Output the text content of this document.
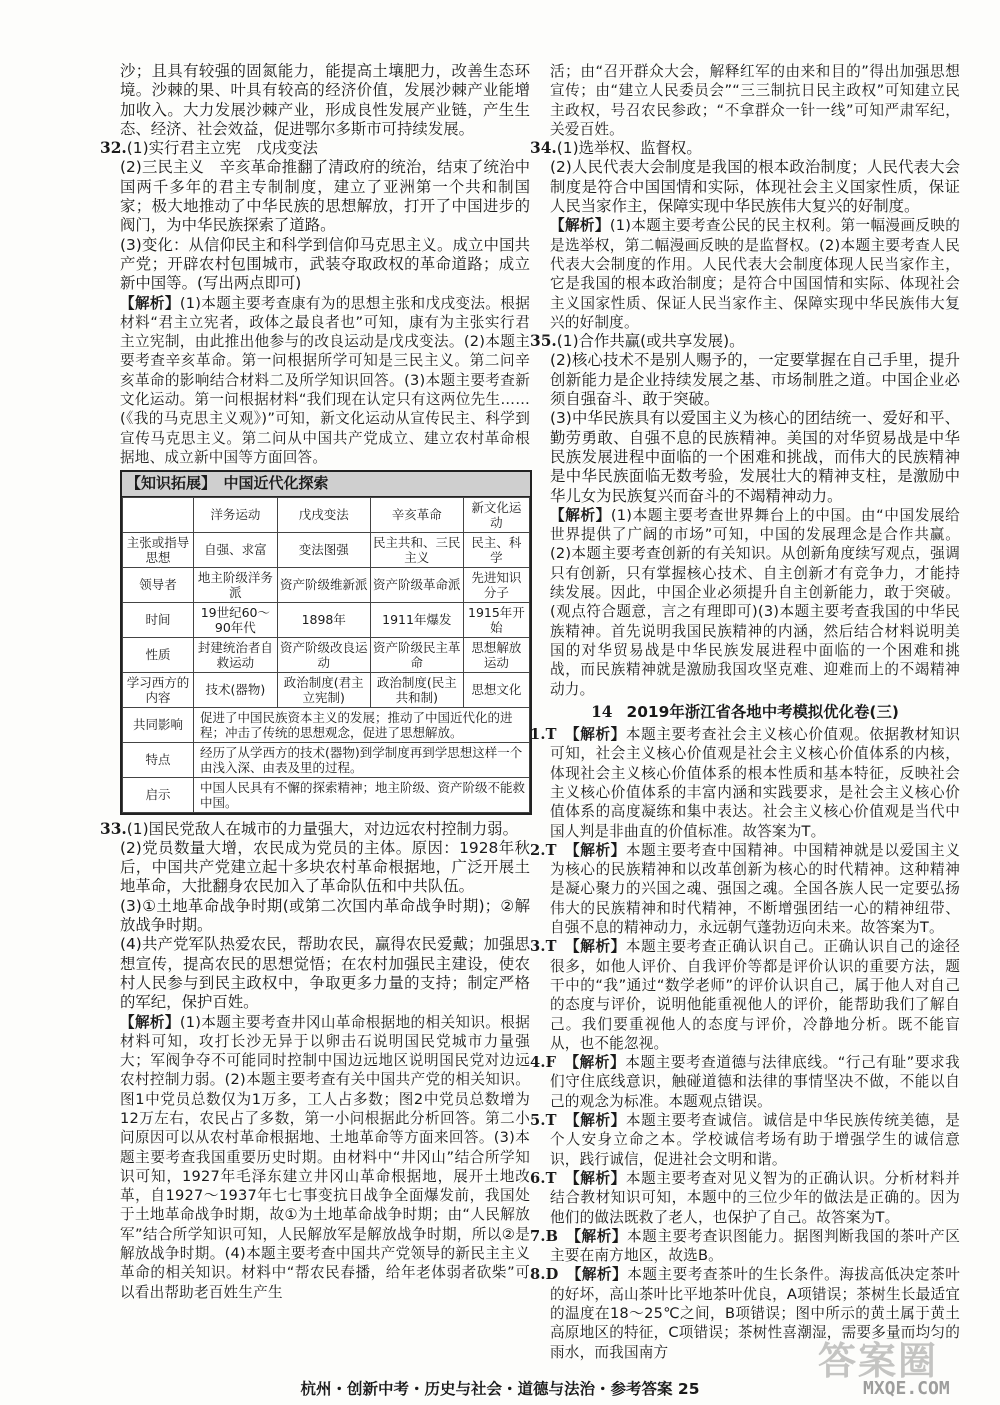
沙；且具有较强的固氮能力，能提高土壤肥力，改善生态环境。沙棘的果、叶具有较高的经济价值，发展沙棘产业能增加收入。大力发展沙棘产业，形成良性发展产业链，产生生态、经济、社会效益，促进鄂尔多斯市可持续发展。

32.(1)实行君主立宪　戊戌变法

(2)三民主义　辛亥革命推翻了清政府的统治，结束了统治中国两千多年的君主专制制度，建立了亚洲第一个共和制国家；极大地推动了中华民族的思想解放，打开了中国进步的阀门，为中华民族探索了道路。

(3)变化：从信仰民主和科学到信仰马克思主义。成立中国共产党；开辟农村包围城市，武装夺取政权的革命道路；成立新中国等。(写出两点即可)

【解析】(1)本题主要考查康有为的思想主张和戊戌变法。根据材料“君主立宪者，政体之最良者也”可知，康有为主张实行君主立宪制，由此推出他参与的改良运动是戊戌变法。(2)本题主要考查辛亥革命。第一问根据所学可知是三民主义。第二问辛亥革命的影响结合材料二及所学知识回答。(3)本题主要考查新文化运动。第一问根据材料“我们现在认定只有这两位先生……(《我的马克思主义观》)”可知，新文化运动从宣传民主、科学到宣传马克思主义。第二问从中国共产党成立、建立农村革命根据地、成立新中国等方面回答。

【知识拓展】　中国近代化探索
	洋务运动	戊戌变法	辛亥革命	新文化运动
主张或指导思想	自强、求富	变法图强	民主共和、三民主义	民主、科学
领导者	地主阶级洋务派	资产阶级维新派	资产阶级革命派	先进知识分子
时间	19世纪60～90年代	1898年	1911年爆发	1915年开始
性质	封建统治者自救运动	资产阶级改良运动	资产阶级民主革命	思想解放运动
学习西方的内容	技术(器物)	政治制度(君主立宪制)	政治制度(民主共和制)	思想文化
共同影响	促进了中国民族资本主义的发展；推动了中国近代化的进程；冲击了传统的思想观念，促进了思想解放。			
特点	经历了从学西方的技术(器物)到学制度再到学思想这样一个由浅入深、由表及里的过程。			
启示	中国人民具有不懈的探索精神；地主阶级、资产阶级不能救中国。			

33.(1)国民党敌人在城市的力量强大，对边远农村控制力弱。

(2)党员数量大增，农民成为党员的主体。原因：1928年秋后，中国共产党建立起十多块农村革命根据地，广泛开展土地革命，大批翻身农民加入了革命队伍和中共队伍。

(3)①土地革命战争时期(或第二次国内革命战争时期)；②解放战争时期。

(4)共产党军队热爱农民，帮助农民，赢得农民爱戴；加强思想宣传，提高农民的思想觉悟；在农村加强民主建设，使农村人民参与到民主政权中，争取更多力量的支持；制定严格的军纪，保护百姓。

【解析】(1)本题主要考查井冈山革命根据地的相关知识。根据材料可知，攻打长沙无异于以卵击石说明国民党城市力量强大；军阀争夺不可能同时控制中国边远地区说明国民党对边远农村控制力弱。(2)本题主要考查有关中国共产党的相关知识。图1中党员总数仅为1万多，工人占多数；图2中党员总数增为12万左右，农民占了多数，第一小问根据此分析回答。第二小问原因可以从农村革命根据地、土地革命等方面来回答。(3)本题主要考查我国重要历史时期。由材料中“井冈山”结合所学知识可知，1927年毛泽东建立井冈山革命根据地，展开土地改革，自1927～1937年七七事变抗日战争全面爆发前，我国处于土地革命战争时期，故①为土地革命战争时期；由“人民解放军”结合所学知识可知，人民解放军是解放战争时期，所以②是解放战争时期。(4)本题主要考查中国共产党领导的新民主主义革命的相关知识。材料中“帮农民春播，给年老体弱者砍柴”可以看出帮助老百姓生产生

活；由“召开群众大会，解释红军的由来和目的”得出加强思想宣传；由“建立人民委员会”“三三制抗日民主政权”可知建立民主政权，号召农民参政；“不拿群众一针一线”可知严肃军纪，关爱百姓。

34.(1)选举权、监督权。

(2)人民代表大会制度是我国的根本政治制度；人民代表大会制度是符合中国国情和实际，体现社会主义国家性质，保证人民当家作主，保障实现中华民族伟大复兴的好制度。

【解析】(1)本题主要考查公民的民主权利。第一幅漫画反映的是选举权，第二幅漫画反映的是监督权。(2)本题主要考查人民代表大会制度的作用。人民代表大会制度体现人民当家作主，它是我国的根本政治制度；是符合中国国情和实际、体现社会主义国家性质、保证人民当家作主、保障实现中华民族伟大复兴的好制度。

35.(1)合作共赢(或共享发展)。

(2)核心技术不是别人赐予的，一定要掌握在自己手里，提升创新能力是企业持续发展之基、市场制胜之道。中国企业必须自强奋斗、敢于突破。

(3)中华民族具有以爱国主义为核心的团结统一、爱好和平、勤劳勇敢、自强不息的民族精神。美国的对华贸易战是中华民族发展进程中面临的一个困难和挑战，而伟大的民族精神是中华民族面临无数考验，发展壮大的精神支柱，是激励中华儿女为民族复兴而奋斗的不竭精神动力。

【解析】(1)本题主要考查世界舞台上的中国。由“中国发展给世界提供了广阔的市场”可知，中国的发展理念是合作共赢。(2)本题主要考查创新的有关知识。从创新角度续写观点，强调只有创新，只有掌握核心技术、自主创新才有竞争力，才能持续发展。因此，中国企业必须提升自主创新能力，敢于突破。(观点符合题意，言之有理即可)(3)本题主要考查我国的中华民族精神。首先说明我国民族精神的内涵，然后结合材料说明美国的对华贸易战是中华民族发展进程中面临的一个困难和挑战，而民族精神就是激励我国攻坚克难、迎难而上的不竭精神动力。

14 2019年浙江省各地中考模拟优化卷(三)

1.T　 【解析】本题主要考查社会主义核心价值观。依据教材知识可知，社会主义核心价值观是社会主义核心价值体系的内核，体现社会主义核心价值体系的根本性质和基本特征，反映社会主义核心价值体系的丰富内涵和实践要求，是社会主义核心价值体系的高度凝练和集中表达。社会主义核心价值观是当代中国人判是非曲直的价值标准。故答案为T。

2.T　 【解析】本题主要考查中国精神。中国精神就是以爱国主义为核心的民族精神和以改革创新为核心的时代精神。这种精神是凝心聚力的兴国之魂、强国之魂。全国各族人民一定要弘扬伟大的民族精神和时代精神，不断增强团结一心的精神纽带、自强不息的精神动力，永远朝气蓬勃迈向未来。故答案为T。

3.T　 【解析】本题主要考查正确认识自己。正确认识自己的途径很多，如他人评价、自我评价等都是评价认识的重要方法，题干中的“我”通过“数学老师”的评价认识自己，属于他人对自己的态度与评价，说明他能重视他人的评价，能帮助我们了解自己。我们要重视他人的态度与评价，冷静地分析。既不能盲从，也不能忽视。

4.F　 【解析】本题主要考查道德与法律底线。“行己有耻”要求我们守住底线意识，触碰道德和法律的事情坚决不做，不能以自己的观念为标准。本题观点错误。

5.T　 【解析】本题主要考查诚信。诚信是中华民族传统美德，是个人安身立命之本。学校诚信考场有助于增强学生的诚信意识，践行诚信，促进社会文明和谐。

6.T　 【解析】本题主要考查对见义智为的正确认识。分析材料并结合教材知识可知，本题中的三位少年的做法是正确的。因为他们的做法既救了老人，也保护了自己。故答案为T。

7.B　 【解析】本题主要考查识图能力。据图判断我国的茶叶产区主要在南方地区，故选B。

8.D　 【解析】本题主要考查茶叶的生长条件。海拔高低决定茶叶的好坏，高山茶叶比平地茶叶优良，A项错误；茶树生长最适宜的温度在18～25℃之间，B项错误；图中所示的黄土属于黄土高原地区的特征，C项错误；茶树性喜潮湿，需要多量而均匀的雨水，而我国南方	答案圈
MXQE.COM
杭州・创新中考・历史与社会・道德与法治・参考答案 25
